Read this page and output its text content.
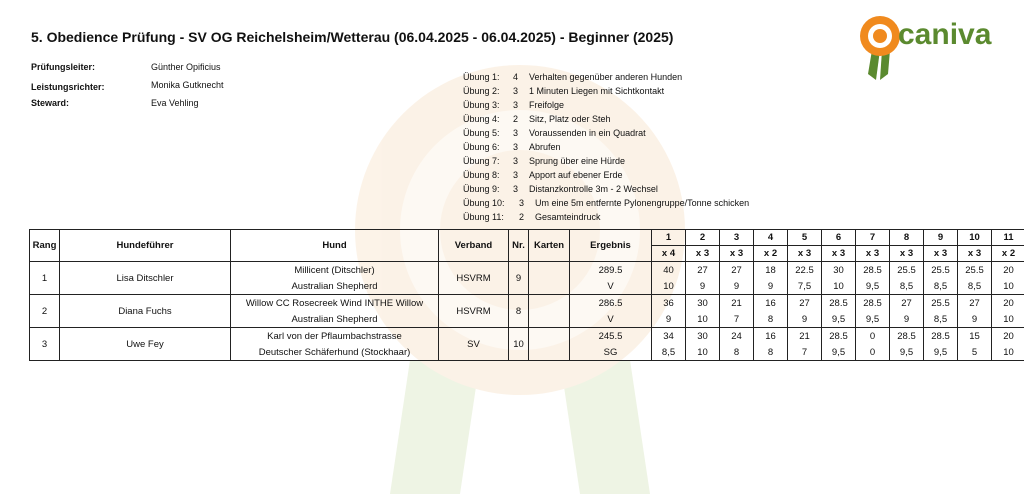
5. Obedience Prüfung - SV OG Reichelsheim/Wetterau (06.04.2025 - 06.04.2025) - Beginner (2025)	caniva
Prüfungsleiter:	Günther Opificius
Leistungsrichter:	Monika Gutknecht
Steward:	Eva Vehling
Übung 1: 4 Verhalten gegenüber anderen Hunden
Übung 2: 3 1 Minuten Liegen mit Sichtkontakt
Übung 3: 3 Freifolge
Übung 4: 2 Sitz, Platz oder Steh
Übung 5: 3 Voraussenden in ein Quadrat
Übung 6: 3 Abrufen
Übung 7: 3 Sprung über eine Hürde
Übung 8: 3 Apport auf ebener Erde
Übung 9: 3 Distanzkontrolle 3m - 2 Wechsel
Übung 10: 3 Um eine 5m entfernte Pylonengruppe/Tonne schicken
Übung 11: 2 Gesamteindruck
Rang	Hundeführer	Hund	Verband	Nr.	Karten	Ergebnis	1	2	3	4	5	6	7	8	9	10	11
							x 4	x 3	x 3	x 2	x 3	x 3	x 3	x 3	x 3	x 3	x 2
1	Lisa Ditschler	Millicent (Ditschler)	HSVRM	9		289.5	40	27	27	18	22.5	30	28.5	25.5	25.5	25.5	20
		Australian Shepherd				V	10	9	9	9	7,5	10	9,5	8,5	8,5	8,5	10
2	Diana Fuchs	Willow CC Rosecreek Wind INTHE Willow	HSVRM	8		286.5	36	30	21	16	27	28.5	28.5	27	25.5	27	20
		Australian Shepherd				V	9	10	7	8	9	9,5	9,5	9	8,5	9	10
3	Uwe Fey	Karl von der Pflaumbachstrasse	SV	10		245.5	34	30	24	16	21	28.5	0	28.5	28.5	15	20
		Deutscher Schäferhund (Stockhaar)				SG	8,5	10	8	8	7	9,5	0	9,5	9,5	5	10
